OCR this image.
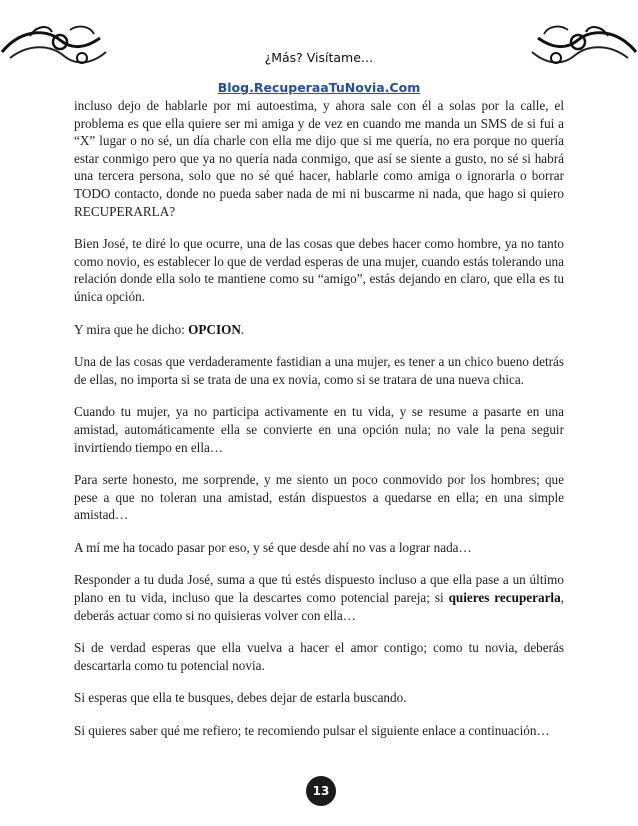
¿Más? Visítame…
Blog.RecuperaaTuNovia.Com

incluso dejo de hablarle por mi autoestima, y ahora sale con él a solas por la calle, el problema es que ella quiere ser mi amiga y de vez en cuando me manda un SMS de si fui a “X” lugar o no sé, un día charle con ella me dijo que si me quería, no era porque no quería estar conmigo pero que ya no quería nada conmigo, que así se siente a gusto, no sé si habrá una tercera persona, solo que no sé qué hacer, hablarle como amiga o ignorarla o borrar TODO contacto, donde no pueda saber nada de mi ni buscarme ni nada, que hago si quiero RECUPERARLA?

Bien José, te diré lo que ocurre, una de las cosas que debes hacer como hombre, ya no tanto como novio, es establecer lo que de verdad esperas de una mujer, cuando estás tolerando una relación donde ella solo te mantiene como su “amigo”, estás dejando en claro, que ella es tu única opción.

Y mira que he dicho: OPCION.

Una de las cosas que verdaderamente fastidian a una mujer, es tener a un chico bueno detrás de ellas, no importa si se trata de una ex novia, como si se tratara de una nueva chica.

Cuando tu mujer, ya no participa activamente en tu vida, y se resume a pasarte en una amistad, automáticamente ella se convierte en una opción nula; no vale la pena seguir invirtiendo tiempo en ella…

Para serte honesto, me sorprende, y me siento un poco conmovido por los hombres; que pese a que no toleran una amistad, están dispuestos a quedarse en ella; en una simple amistad…

A mí me ha tocado pasar por eso, y sé que desde ahí no vas a lograr nada…

Responder a tu duda José, suma a que tú estés dispuesto incluso a que ella pase a un último plano en tu vida, incluso que la descartes como potencial pareja; si quieres recuperarla, deberás actuar como si no quisieras volver con ella…

Si de verdad esperas que ella vuelva a hacer el amor contigo; como tu novia, deberás descartarla como tu potencial novia.

Si esperas que ella te busques, debes dejar de estarla buscando.

Si quieres saber qué me refiero; te recomiendo pulsar el siguiente enlace a continuación…

13
